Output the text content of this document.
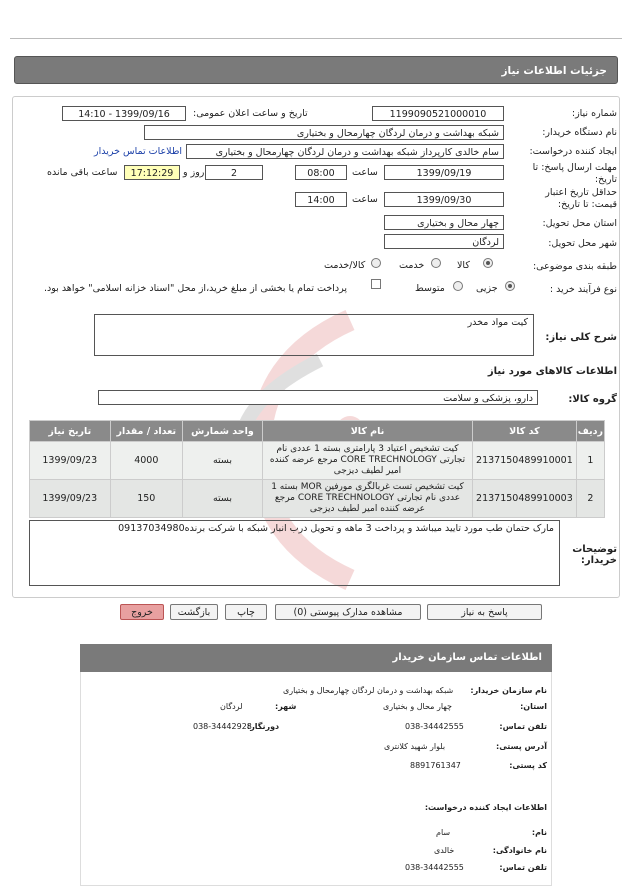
جزئیات اطلاعات نیاز
شماره نیاز:
1199090521000010
تاریخ و ساعت اعلان عمومی:
1399/09/16 - 14:10
نام دستگاه خریدار:
شبکه بهداشت و درمان لردگان چهارمحال و بختیاری
ایجاد کننده درخواست:
سام خالدی کارپرداز شبکه بهداشت و درمان لردگان چهارمحال و بختیاری
اطلاعات تماس خریدار
مهلت ارسال پاسخ: تا
تاریخ:
1399/09/19
ساعت
08:00
2
روز و
17:12:29
ساعت باقی مانده
حداقل تاریخ اعتبار
قیمت: تا تاریخ:
1399/09/30
ساعت
14:00
استان محل تحویل:
چهار محال و بختیاری
شهر محل تحویل:
لردگان
طبقه بندی موضوعی:
کالا
خدمت
کالا/خدمت
نوع فرآیند خرید :
جزیی
متوسط
پرداخت تمام یا بخشی از مبلغ خرید،از محل "اسناد خزانه اسلامی" خواهد بود.
شرح کلی نیاز:
کیت مواد مخدر
اطلاعات کالاهای مورد نیاز
گروه کالا:
دارو، پزشکی و سلامت
ردیف	کد کالا	نام کالا	واحد شمارش	تعداد / مقدار	تاریخ نیاز
1	2137150489910001	کیت تشخیص اعتیاد 3 پارامتری بسته 1 عددی نام تجارتی CORE TRECHNOLOGY مرجع عرضه کننده امیر لطیف دیزجی	بسته	4000	1399/09/23
2	2137150489910003	کیت تشخیص تست غربالگری مورفین MOR بسته 1 عددی نام تجارتی CORE TRECHNOLOGY مرجع عرضه کننده امیر لطیف دیزجی	بسته	150	1399/09/23
توضیحات خریدار:
مارک حتمان طب مورد تایید میباشد و پرداخت 3 ماهه و تحویل درب انبار شبکه با شرکت برنده09137034980
پاسخ به نیاز
مشاهده مدارک پیوستی (0)
چاپ
بازگشت
خروج
اطلاعات تماس سازمان خریدار
نام سازمان خریدار:
شبکه بهداشت و درمان لردگان چهارمحال و بختیاری
استان:
چهار محال و بختیاری
شهر:
لردگان
تلفن تماس:
038-34442555
دورنگار:
038-34442928
آدرس پستی:
بلوار شهید کلانتری
کد پستی:
8891761347
اطلاعات ایجاد کننده درخواست:
نام:
سام
نام خانوادگی:
خالدی
تلفن تماس:
038-34442555
